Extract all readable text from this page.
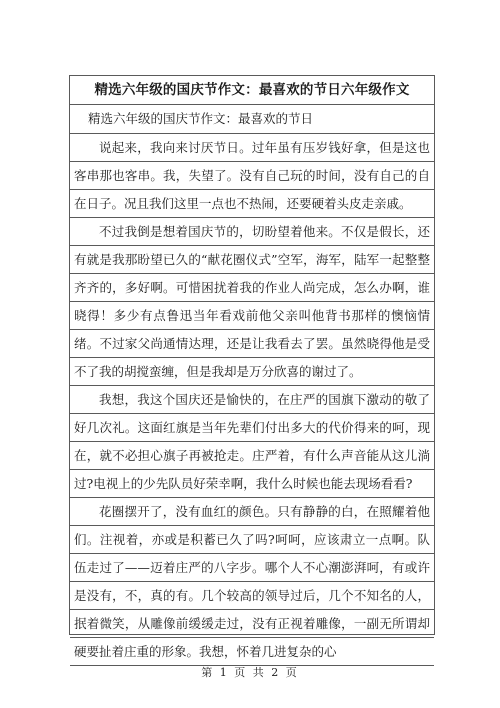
精选六年级的国庆节作文：最喜欢的节日六年级作文
精选六年级的国庆节作文：最喜欢的节日
说起来，我向来讨厌节日。过年虽有压岁钱好拿，但是这也客串那也客串。我，失望了。没有自己玩的时间，没有自己的自在日子。况且我们这里一点也不热闹，还要硬着头皮走亲戚。
不过我倒是想着国庆节的，切盼望着他来。不仅是假长，还有就是我那盼望已久的“献花圈仪式”空军，海军，陆军一起整整齐齐的，多好啊。可惜困扰着我的作业人尚完成，怎么办啊，谁晓得！多少有点鲁迅当年看戏前他父亲叫他背书那样的懊恼情绪。不过家父尚通情达理，还是让我看去了罢。虽然晓得他是受不了我的胡搅蛮缠，但是我却是万分欣喜的谢过了。
我想，我这个国庆还是愉快的，在庄严的国旗下激动的敬了好几次礼。这面红旗是当年先辈们付出多大的代价得来的呵，现在，就不必担心旗子再被抢走。庄严着，有什么声音能从这儿淌过?电视上的少先队员好荣幸啊，我什么时候也能去现场看看?
花圈摆开了，没有血红的颜色。只有静静的白，在照耀着他们。注视着，亦或是积蓄已久了吗?呵呵，应该肃立一点啊。队伍走过了——迈着庄严的八字步。哪个人不心潮澎湃呵，有或许是没有，不，真的有。几个较高的领导过后，几个不知名的人，抿着微笑，从雕像前缓缓走过，没有正视着雕像，一副无所谓却硬要扯着庄重的形象。我想，怀着几进复杂的心
第 1 页 共 2 页
